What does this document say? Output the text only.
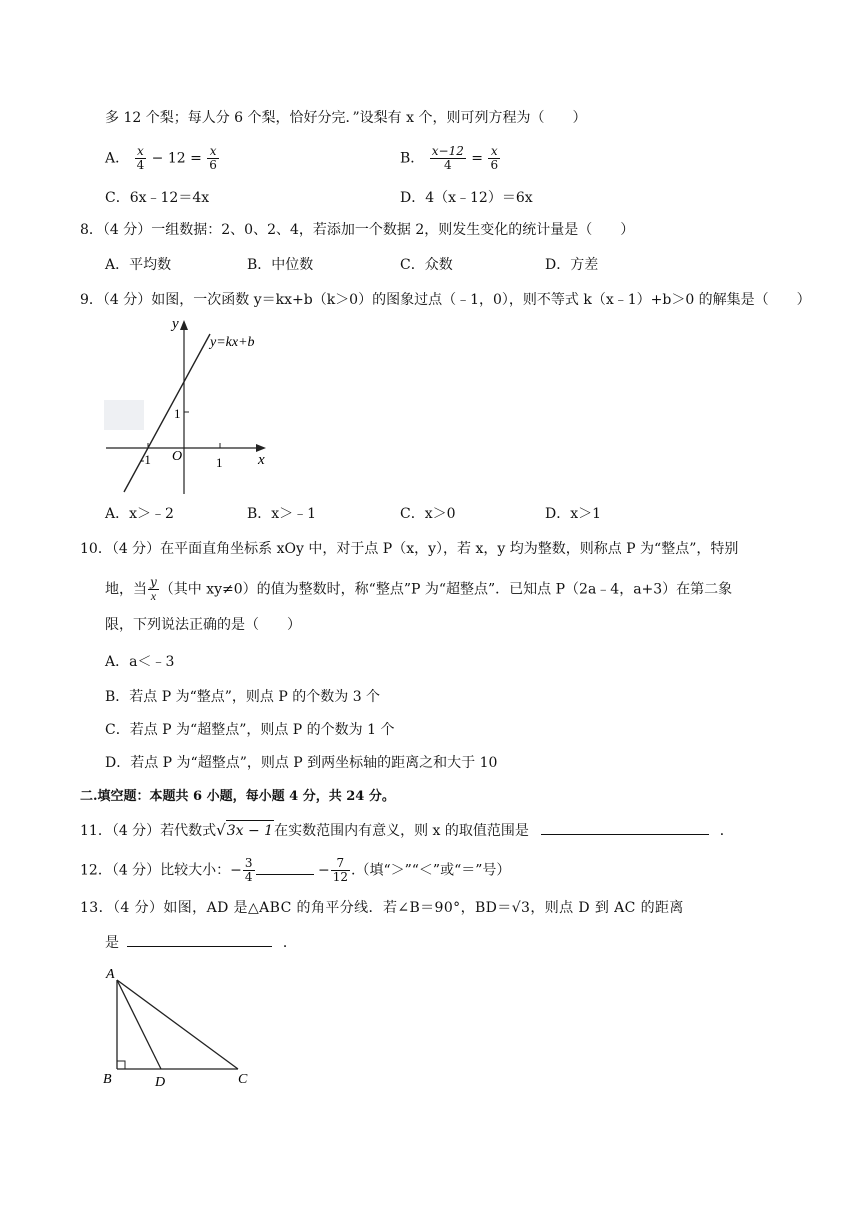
多 12 个梨；每人分 6 个梨，恰好分完．”设梨有 x 个，则可列方程为（　　）
A． $\frac{x}{4} - 12 = \frac{x}{6}$	B． $\frac{x-12}{4} = \frac{x}{6}$
C．6x﹣12＝4x	D．4（x﹣12）＝6x
8．（4 分）一组数据：2、0、2、4，若添加一个数据 2，则发生变化的统计量是（　　）
A．平均数	B．中位数	C．众数	D．方差
9．（4 分）如图，一次函数 y＝kx+b（k＞0）的图象过点（﹣1，0），则不等式 k（x﹣1）+b＞0 的解集是（　　）
y
y=kx+b
1
O
-1	1 x
A．x＞﹣2	B．x＞﹣1	C．x＞0	D．x＞1
10．（4 分）在平面直角坐标系 xOy 中，对于点 P（x，y），若 x，y 均为整数，则称点 P 为“整点”，特别
地，当 $\frac{y}{x}$ （其中 xy≠0）的值为整数时，称“整点”P 为“超整点”．已知点 P（2a﹣4，a+3）在第二象
限，下列说法正确的是（　　）
A．a＜﹣3
B．若点 P 为“整点”，则点 P 的个数为 3 个
C．若点 P 为“超整点”，则点 P 的个数为 1 个
D．若点 P 为“超整点”，则点 P 到两坐标轴的距离之和大于 10
二.填空题：本题共 6 小题，每小题 4 分，共 24 分。
11．（4 分）若代数式√3x − 1在实数范围内有意义，则 x 的取值范围是	．
12．（4 分）比较大小：− $\frac{3}{4}$	− $\frac{7}{12}$ .（填“＞”“＜”或“＝”号）
13．（4 分）如图，AD 是△ABC 的角平分线．若∠B＝90°，BD＝√3，则点 D 到 AC 的距离
是	．
A
B	D	C
